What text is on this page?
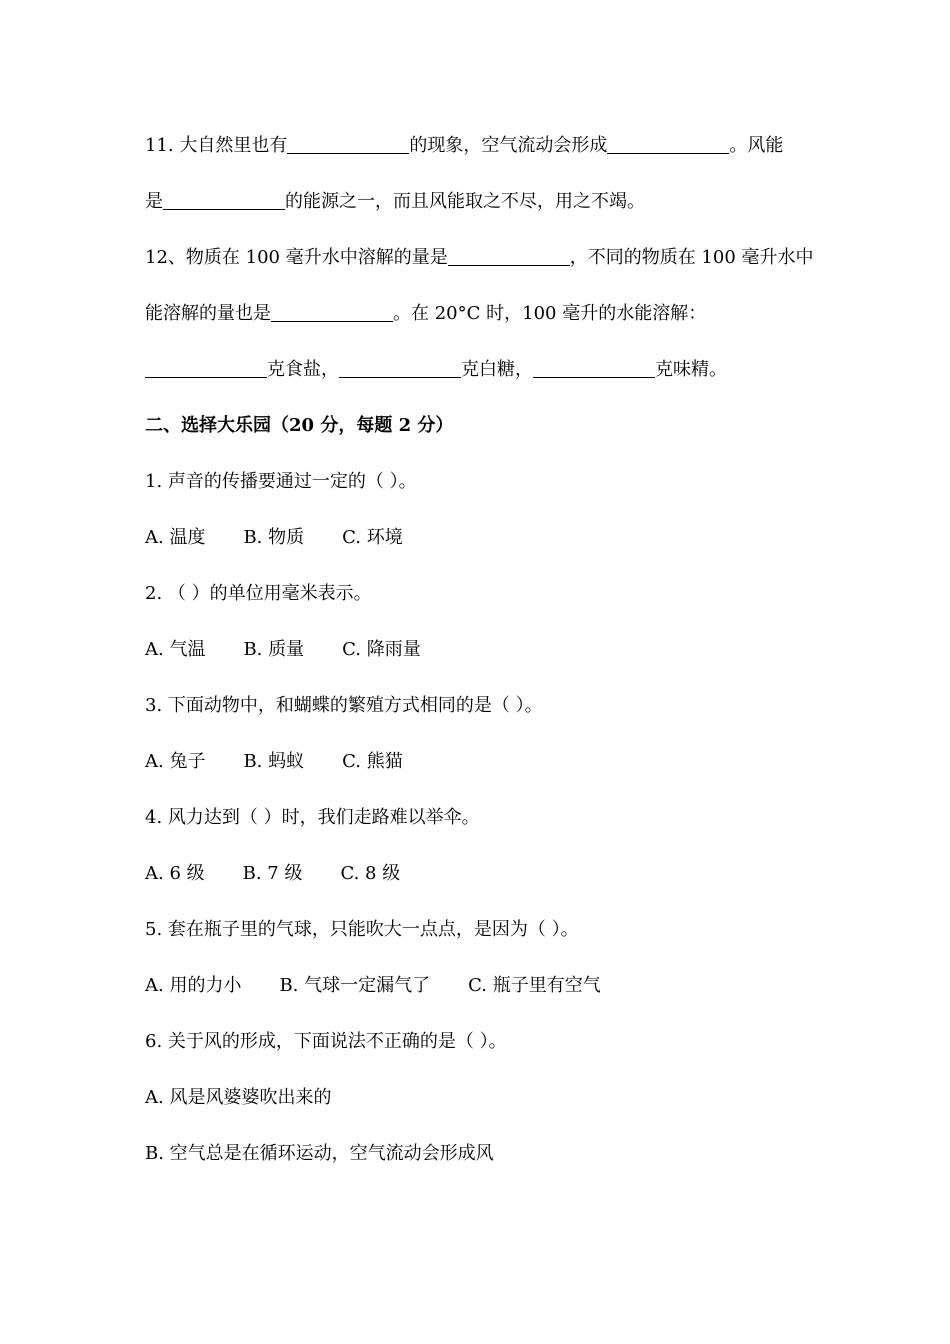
11. 大自然里也有	的现象，空气流动会形成	。风能
是	的能源之一，而且风能取之不尽，用之不竭。
12、物质在 100 毫升水中溶解的量是	，不同的物质在 100 毫升水中
能溶解的量也是	。在 20°C 时，100 毫升的水能溶解：
克食盐，	克白糖，	克味精。
二、选择大乐园（20 分，每题 2 分）
1. 声音的传播要通过一定的（ ）。
A. 温度 B. 物质 C. 环境
2. （ ）的单位用毫米表示。
A. 气温 B. 质量 C. 降雨量
3. 下面动物中，和蝴蝶的繁殖方式相同的是（ ）。
A. 兔子 B. 蚂蚁 C. 熊猫
4. 风力达到（ ）时，我们走路难以举伞。
A. 6 级 B. 7 级 C. 8 级
5. 套在瓶子里的气球，只能吹大一点点，是因为（ ）。
A. 用的力小 B. 气球一定漏气了 C. 瓶子里有空气
6. 关于风的形成，下面说法不正确的是（ ）。
A. 风是风婆婆吹出来的
B. 空气总是在循环运动，空气流动会形成风
